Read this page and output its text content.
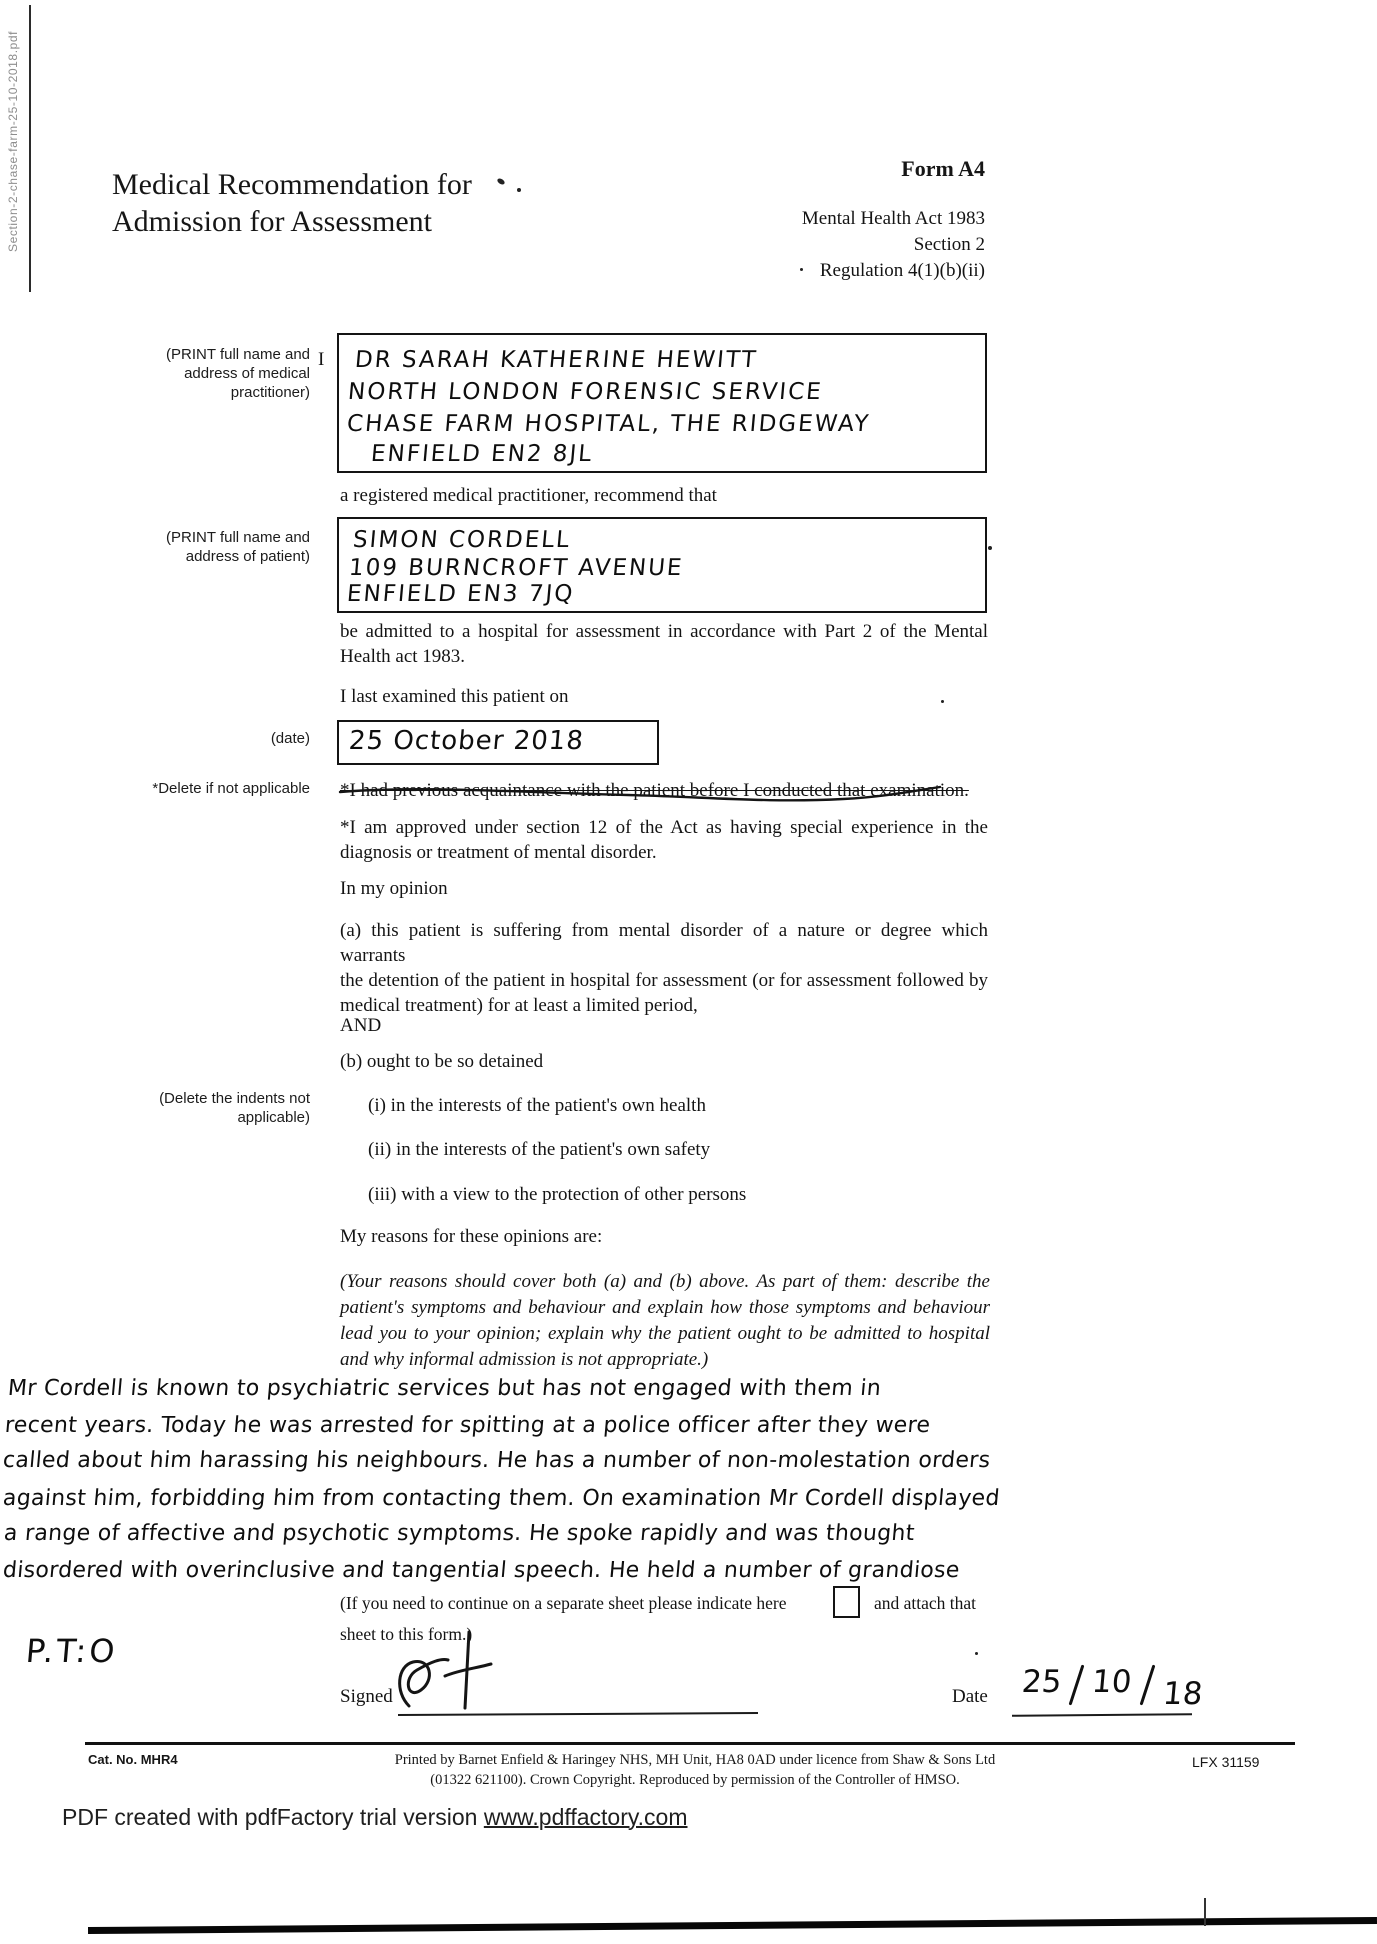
Section-2-chase-farm-25-10-2018.pdf	Medical Recommendation for
Admission for Assessment
Form A4
Mental Health Act 1983
Section 2
Regulation 4(1)(b)(ii)
(PRINT full name and
address of medical
practitioner)
I DR SARAH KATHERINE HEWITT
NORTH LONDON FORENSIC SERVICE
CHASE FARM HOSPITAL, THE RIDGEWAY
ENFIELD EN2 8JL
a registered medical practitioner, recommend that
(PRINT full name and
address of patient)
SIMON CORDELL
109 BURNCROFT AVENUE
ENFIELD EN3 7JQ
be admitted to a hospital for assessment in accordance with Part 2 of the Mental
Health act 1983.
I last examined this patient on
(date) 25 October 2018
*Delete if not applicable *I had previous acquaintance with the patient before I conducted that examination.
*I am approved under section 12 of the Act as having special experience in the
diagnosis or treatment of mental disorder.
In my opinion
(a) this patient is suffering from mental disorder of a nature or degree which warrants
the detention of the patient in hospital for assessment (or for assessment followed by
medical treatment) for at least a limited period,
AND
(b) ought to be so detained
(Delete the indents not
applicable)
(i) in the interests of the patient's own health
(ii) in the interests of the patient's own safety
(iii) with a view to the protection of other persons
My reasons for these opinions are:
(Your reasons should cover both (a) and (b) above. As part of them: describe the
patient's symptoms and behaviour and explain how those symptoms and behaviour
lead you to your opinion; explain why the patient ought to be admitted to hospital
and why informal admission is not appropriate.)
Mr Cordell is known to psychiatric services but has not engaged with them in
recent years. Today he was arrested for spitting at a police officer after they were
called about him harassing his neighbours. He has a number of non-molestation orders
against him, forbidding him from contacting them. On examination Mr Cordell displayed
a range of affective and psychotic symptoms. He spoke rapidly and was thought
disordered with overinclusive and tangential speech. He held a number of grandiose
(If you need to continue on a separate sheet please indicate here	and attach that
sheet to this form.)
P.T:O
Signed	Date 25 10 18
Cat. No. MHR4	Printed by Barnet Enfield & Haringey NHS, MH Unit, HA8 0AD under licence from Shaw & Sons Ltd
(01322 621100). Crown Copyright. Reproduced by permission of the Controller of HMSO.
LFX 31159
PDF created with pdfFactory trial version www.pdffactory.com
